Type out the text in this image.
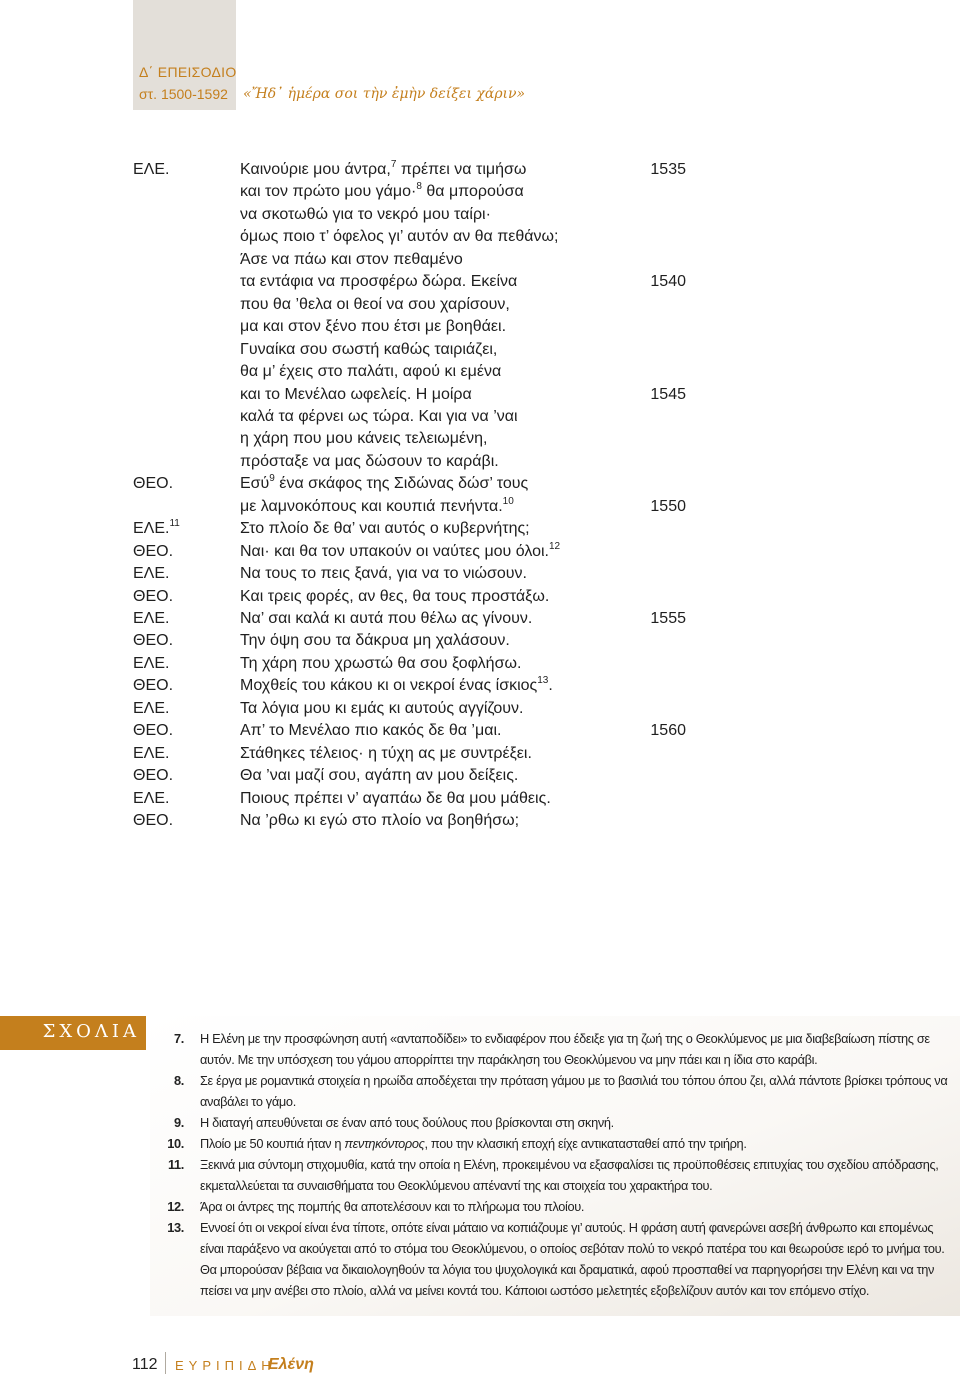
Δ΄ ΕΠΕΙΣΟΔΙΟ
στ. 1500-1592 «Ἤδ᾽ ἡμέρα σοι τὴν ἐμὴν δείξει χάριν»
ΕΛΕ.	Καινούριε μου άντρα,$^7$ πρέπει να τιμήσω	1535
και τον πρώτο μου γάμο·$^8$ θα μπορούσα
να σκοτωθώ για το νεκρό μου ταίρι·
όμως ποιο τ’ όφελος γι’ αυτόν αν θα πεθάνω;
Άσε να πάω και στον πεθαμένο
τα εντάφια να προσφέρω δώρα. Εκείνα	1540
που θα ’θελα οι θεοί να σου χαρίσουν,
μα και στον ξένο που έτσι με βοηθάει.
Γυναίκα σου σωστή καθώς ταιριάζει,
θα μ’ έχεις στο παλάτι, αφού κι εμένα
και το Μενέλαο ωφελείς. Η μοίρα	1545
καλά τα φέρνει ως τώρα. Και για να ’ναι
η χάρη που μου κάνεις τελειωμένη,
πρόσταξε να μας δώσουν το καράβι.
ΘΕΟ.	Εσύ$^9$ ένα σκάφος της Σιδώνας δώσ’ τους
με λαμνοκόπους και κουπιά πενήντα.$^{10}$	1550
ΕΛΕ.$^{11}$	Στο πλοίο δε θα’ ναι αυτός ο κυβερνήτης;
ΘΕΟ.	Ναι· και θα τον υπακούν οι ναύτες μου όλοι.$^{12}$
ΕΛΕ.	Να τους το πεις ξανά, για να το νιώσουν.
ΘΕΟ.	Και τρεις φορές, αν θες, θα τους προστάξω.
ΕΛΕ.	Να’ σαι καλά κι αυτά που θέλω ας γίνουν.	1555
ΘΕΟ.	Την όψη σου τα δάκρυα μη χαλάσουν.
ΕΛΕ.	Τη χάρη που χρωστώ θα σου ξοφλήσω.
ΘΕΟ.	Μοχθείς του κάκου κι οι νεκροί ένας ίσκιος$^{13}$.
ΕΛΕ.	Τα λόγια μου κι εμάς κι αυτούς αγγίζουν.
ΘΕΟ.	Απ’ το Μενέλαο πιο κακός δε θα ’μαι.	1560
ΕΛΕ.	Στάθηκες τέλειος· η τύχη ας με συντρέξει.
ΘΕΟ.	Θα ’ναι μαζί σου, αγάπη αν μου δείξεις.
ΕΛΕ.	Ποιους πρέπει ν’ αγαπάω δε θα μου μάθεις.
ΘΕΟ.	Να ’ρθω κι εγώ στο πλοίο να βοηθήσω;
ΣΧΟΛΙΑ	7. Η Ελένη με την προσφώνηση αυτή «ανταποδίδει» το ενδιαφέρον που έδειξε για τη ζωή της ο Θεοκλύμενος με μια διαβεβαίωση πίστης σε αυτόν. Με την υπόσχεση του γάμου απορρίπτει την παράκληση του Θεοκλύμενου να μην πάει και η ίδια στο καράβι.
8. Σε έργα με ρομαντικά στοιχεία η ηρωίδα αποδέχεται την πρόταση γάμου με το βασιλιά του τόπου όπου ζει, αλλά πάντοτε βρίσκει τρόπους να αναβάλει το γάμο.
9. Η διαταγή απευθύνεται σε έναν από τους δούλους που βρίσκονται στη σκηνή.
10. Πλοίο με 50 κουπιά ήταν η πεντηκόντορος, που την κλασική εποχή είχε αντικατασταθεί από την τριήρη.
11. Ξεκινά μια σύντομη στιχομυθία, κατά την οποία η Ελένη, προκειμένου να εξασφαλίσει τις προϋποθέσεις επιτυχίας του σχεδίου απόδρασης, εκμεταλλεύεται τα συναισθήματα του Θεοκλύμενου απέναντί της και στοιχεία του χαρακτήρα του.
12. Άρα οι άντρες της πομπής θα αποτελέσουν και το πλήρωμα του πλοίου.
13. Εννοεί ότι οι νεκροί είναι ένα τίποτε, οπότε είναι μάταιο να κοπιάζουμε γι’ αυτούς. Η φράση αυτή φανερώνει ασεβή άνθρωπο και επομένως είναι παράξενο να ακούγεται από το στόμα του Θεοκλύμενου, ο οποίος σεβόταν πολύ το νεκρό πατέρα του και θεωρούσε ιερό το μνήμα του. Θα μπορούσαν βέβαια να δικαιολογηθούν τα λόγια του ψυχολογικά και δραματικά, αφού προσπαθεί να παρηγορήσει την Ελένη και να την πείσει να μην ανέβει στο πλοίο, αλλά να μείνει κοντά του. Κάποιοι ωστόσο μελετητές εξοβελίζουν αυτόν και τον επόμενο στίχο.
112 ΕΥΡΙΠΙΔΗ
Ελένη
